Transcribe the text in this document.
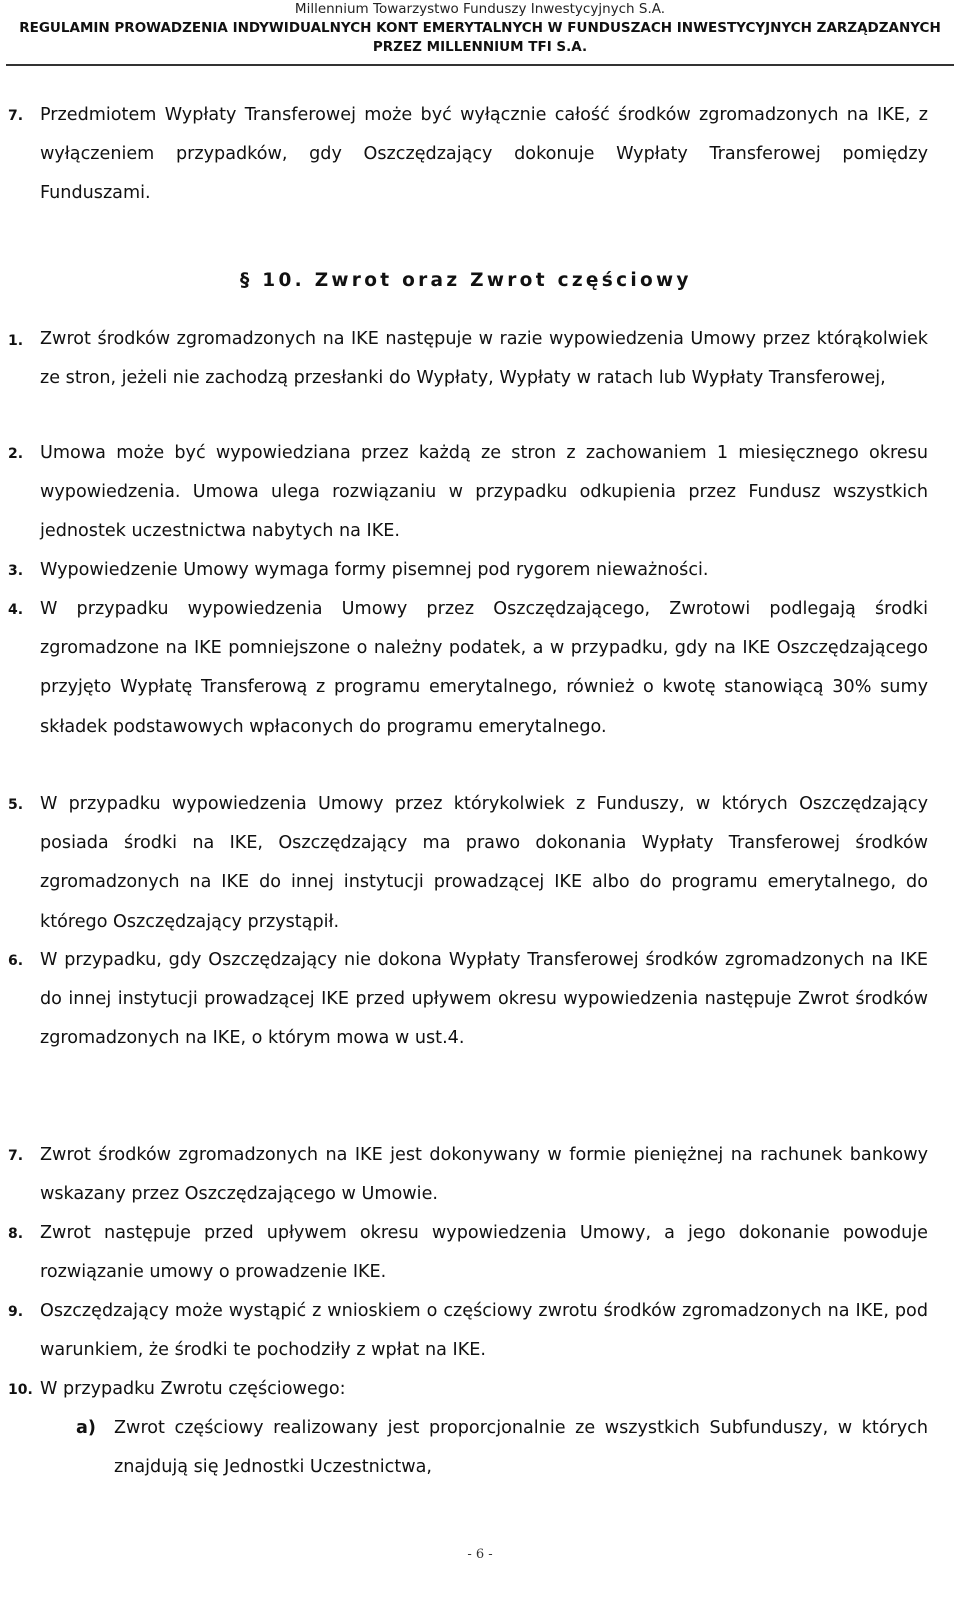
Millennium Towarzystwo Funduszy Inwestycyjnych S.A.
REGULAMIN PROWADZENIA INDYWIDUALNYCH KONT EMERYTALNYCH W FUNDUSZACH INWESTYCYJNYCH ZARZĄDZANYCH
PRZEZ MILLENNIUM TFI S.A.
7. Przedmiotem Wypłaty Transferowej może być wyłącznie całość środków zgromadzonych na IKE, z wyłączeniem przypadków, gdy Oszczędzający dokonuje Wypłaty Transferowej pomiędzy Funduszami.
§ 10. Zwrot oraz Zwrot częściowy
1. Zwrot środków zgromadzonych na IKE następuje w razie wypowiedzenia Umowy przez którąkolwiek ze stron, jeżeli nie zachodzą przesłanki do Wypłaty, Wypłaty w ratach lub Wypłaty Transferowej,
2. Umowa może być wypowiedziana przez każdą ze stron z zachowaniem 1 miesięcznego okresu wypowiedzenia. Umowa ulega rozwiązaniu w przypadku odkupienia przez Fundusz wszystkich jednostek uczestnictwa nabytych na IKE.
3. Wypowiedzenie Umowy wymaga formy pisemnej pod rygorem nieważności.
4. W przypadku wypowiedzenia Umowy przez Oszczędzającego, Zwrotowi podlegają środki zgromadzone na IKE pomniejszone o należny podatek, a w przypadku, gdy na IKE Oszczędzającego przyjęto Wypłatę Transferową z programu emerytalnego, również o kwotę stanowiącą 30% sumy składek podstawowych wpłaconych do programu emerytalnego.
5. W przypadku wypowiedzenia Umowy przez którykolwiek z Funduszy, w których Oszczędzający posiada środki na IKE, Oszczędzający ma prawo dokonania Wypłaty Transferowej środków zgromadzonych na IKE do innej instytucji prowadzącej IKE albo do programu emerytalnego, do którego Oszczędzający przystąpił.
6. W przypadku, gdy Oszczędzający nie dokona Wypłaty Transferowej środków zgromadzonych na IKE do innej instytucji prowadzącej IKE przed upływem okresu wypowiedzenia następuje Zwrot środków zgromadzonych na IKE, o którym mowa w ust.4.
7. Zwrot środków zgromadzonych na IKE jest dokonywany w formie pieniężnej na rachunek bankowy wskazany przez Oszczędzającego w Umowie.
8. Zwrot następuje przed upływem okresu wypowiedzenia Umowy, a jego dokonanie powoduje rozwiązanie umowy o prowadzenie IKE.
9. Oszczędzający może wystąpić z wnioskiem o częściowy zwrotu środków zgromadzonych na IKE, pod warunkiem, że środki te pochodziły z wpłat na IKE.
10. W przypadku Zwrotu częściowego:
a) Zwrot częściowy realizowany jest proporcjonalnie ze wszystkich Subfunduszy, w których znajdują się Jednostki Uczestnictwa,
- 6 -
